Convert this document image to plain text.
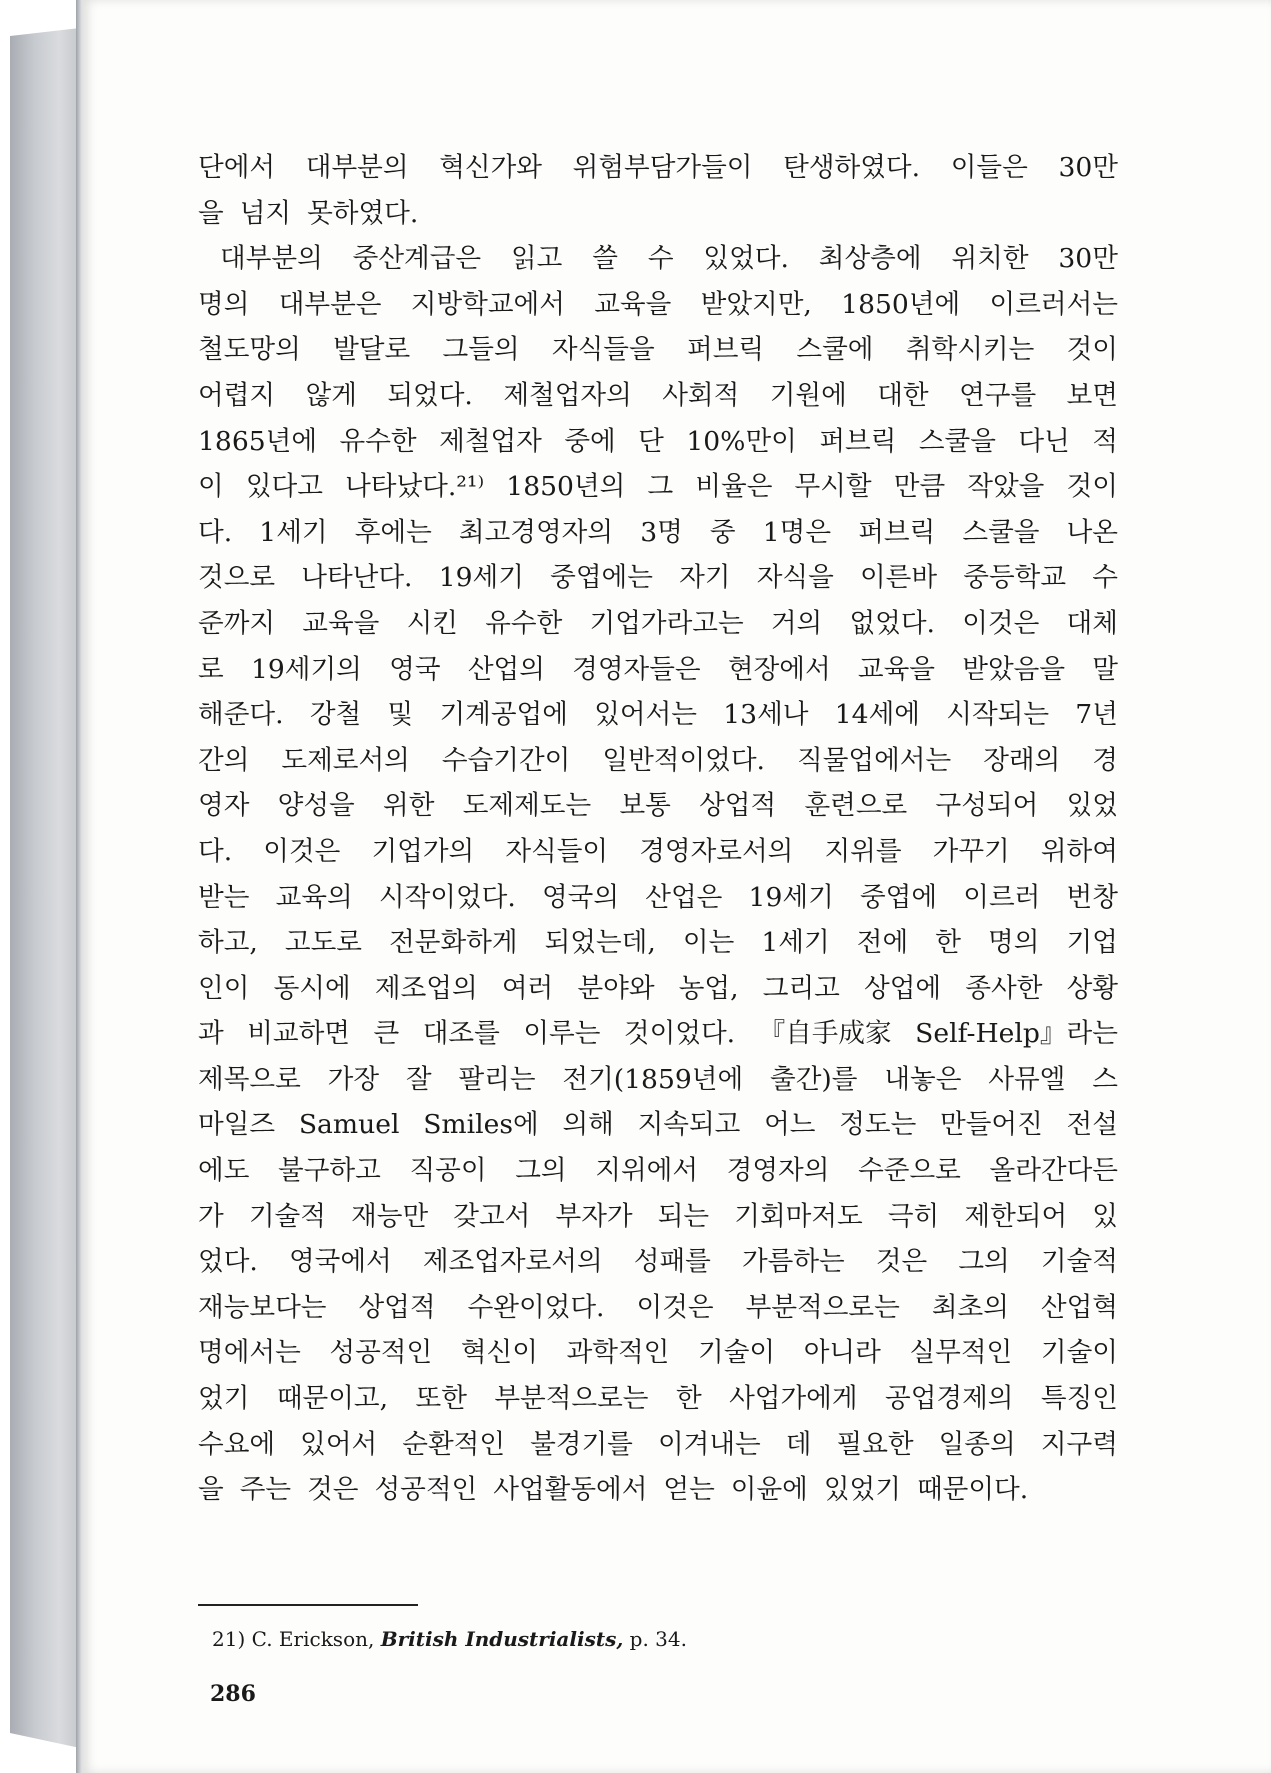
단에서 대부분의 혁신가와 위험부담가들이 탄생하였다. 이들은 30만
을 넘지 못하였다.
대부분의 중산계급은 읽고 쓸 수 있었다. 최상층에 위치한 30만
명의 대부분은 지방학교에서 교육을 받았지만, 1850년에 이르러서는
철도망의 발달로 그들의 자식들을 퍼브릭 스쿨에 취학시키는 것이
어렵지 않게 되었다. 제철업자의 사회적 기원에 대한 연구를 보면
1865년에 유수한 제철업자 중에 단 10%만이 퍼브릭 스쿨을 다닌 적
이 있다고 나타났다.²¹⁾ 1850년의 그 비율은 무시할 만큼 작았을 것이
다. 1세기 후에는 최고경영자의 3명 중 1명은 퍼브릭 스쿨을 나온
것으로 나타난다. 19세기 중엽에는 자기 자식을 이른바 중등학교 수
준까지 교육을 시킨 유수한 기업가라고는 거의 없었다. 이것은 대체
로 19세기의 영국 산업의 경영자들은 현장에서 교육을 받았음을 말
해준다. 강철 및 기계공업에 있어서는 13세나 14세에 시작되는 7년
간의 도제로서의 수습기간이 일반적이었다. 직물업에서는 장래의 경
영자 양성을 위한 도제제도는 보통 상업적 훈련으로 구성되어 있었
다. 이것은 기업가의 자식들이 경영자로서의 지위를 가꾸기 위하여
받는 교육의 시작이었다. 영국의 산업은 19세기 중엽에 이르러 번창
하고, 고도로 전문화하게 되었는데, 이는 1세기 전에 한 명의 기업
인이 동시에 제조업의 여러 분야와 농업, 그리고 상업에 종사한 상황
과 비교하면 큰 대조를 이루는 것이었다. 『自手成家 Self-Help』라는
제목으로 가장 잘 팔리는 전기(1859년에 출간)를 내놓은 사뮤엘 스
마일즈 Samuel Smiles에 의해 지속되고 어느 정도는 만들어진 전설
에도 불구하고 직공이 그의 지위에서 경영자의 수준으로 올라간다든
가 기술적 재능만 갖고서 부자가 되는 기회마저도 극히 제한되어 있
었다. 영국에서 제조업자로서의 성패를 가름하는 것은 그의 기술적
재능보다는 상업적 수완이었다. 이것은 부분적으로는 최초의 산업혁
명에서는 성공적인 혁신이 과학적인 기술이 아니라 실무적인 기술이
었기 때문이고, 또한 부분적으로는 한 사업가에게 공업경제의 특징인
수요에 있어서 순환적인 불경기를 이겨내는 데 필요한 일종의 지구력
을 주는 것은 성공적인 사업활동에서 얻는 이윤에 있었기 때문이다.
21) C. Erickson, British Industrialists, p. 34.
286
